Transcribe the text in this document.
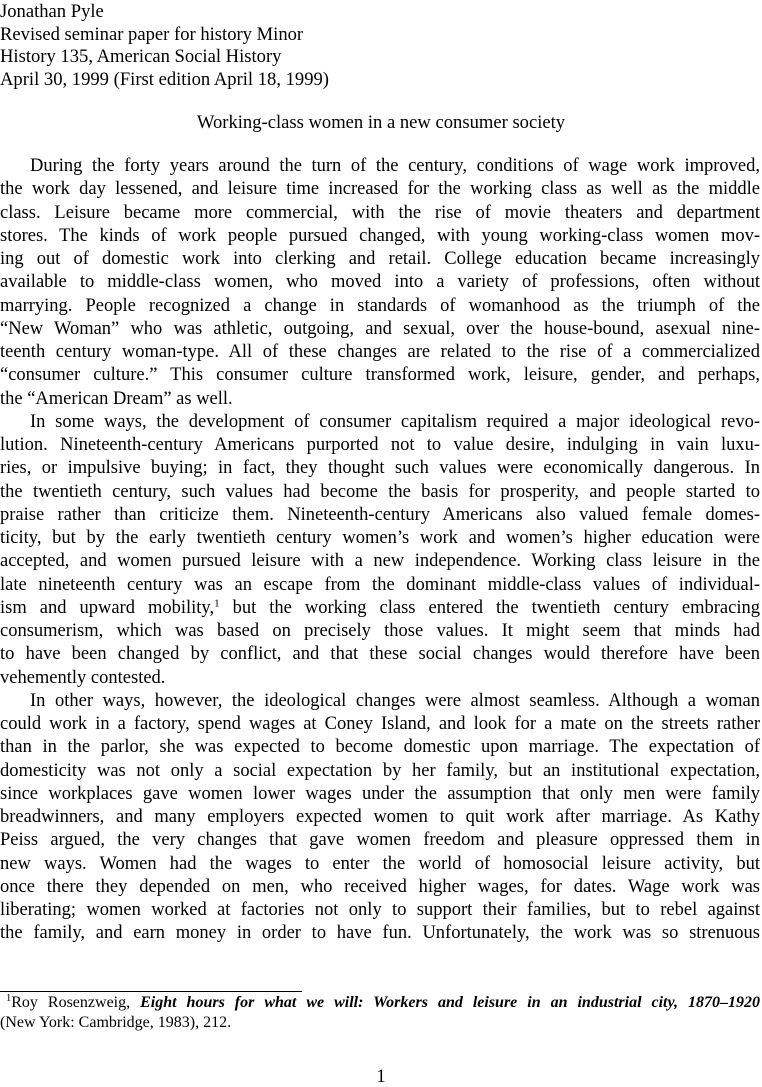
Jonathan Pyle
Revised seminar paper for history Minor
History 135, American Social History
April 30, 1999 (First edition April 18, 1999)
Working-class women in a new consumer society
During the forty years around the turn of the century, conditions of wage work improved,
the work day lessened, and leisure time increased for the working class as well as the middle
class. Leisure became more commercial, with the rise of movie theaters and department
stores. The kinds of work people pursued changed, with young working-class women mov-
ing out of domestic work into clerking and retail. College education became increasingly
available to middle-class women, who moved into a variety of professions, often without
marrying. People recognized a change in standards of womanhood as the triumph of the
“New Woman” who was athletic, outgoing, and sexual, over the house-bound, asexual nine-
teenth century woman-type. All of these changes are related to the rise of a commercialized
“consumer culture.” This consumer culture transformed work, leisure, gender, and perhaps,
the “American Dream” as well.
In some ways, the development of consumer capitalism required a major ideological revo-
lution. Nineteenth-century Americans purported not to value desire, indulging in vain luxu-
ries, or impulsive buying; in fact, they thought such values were economically dangerous. In
the twentieth century, such values had become the basis for prosperity, and people started to
praise rather than criticize them. Nineteenth-century Americans also valued female domes-
ticity, but by the early twentieth century women’s work and women’s higher education were
accepted, and women pursued leisure with a new independence. Working class leisure in the
late nineteenth century was an escape from the dominant middle-class values of individual-
ism and upward mobility,$^1$ but the working class entered the twentieth century embracing
consumerism, which was based on precisely those values. It might seem that minds had
to have been changed by conflict, and that these social changes would therefore have been
vehemently contested.
In other ways, however, the ideological changes were almost seamless. Although a woman
could work in a factory, spend wages at Coney Island, and look for a mate on the streets rather
than in the parlor, she was expected to become domestic upon marriage. The expectation of
domesticity was not only a social expectation by her family, but an institutional expectation,
since workplaces gave women lower wages under the assumption that only men were family
breadwinners, and many employers expected women to quit work after marriage. As Kathy
Peiss argued, the very changes that gave women freedom and pleasure oppressed them in
new ways. Women had the wages to enter the world of homosocial leisure activity, but
once there they depended on men, who received higher wages, for dates. Wage work was
liberating; women worked at factories not only to support their families, but to rebel against
the family, and earn money in order to have fun. Unfortunately, the work was so strenuous
$^1$Roy Rosenzweig, Eight hours for what we will: Workers and leisure in an industrial city, 1870–1920
(New York: Cambridge, 1983), 212.
1
